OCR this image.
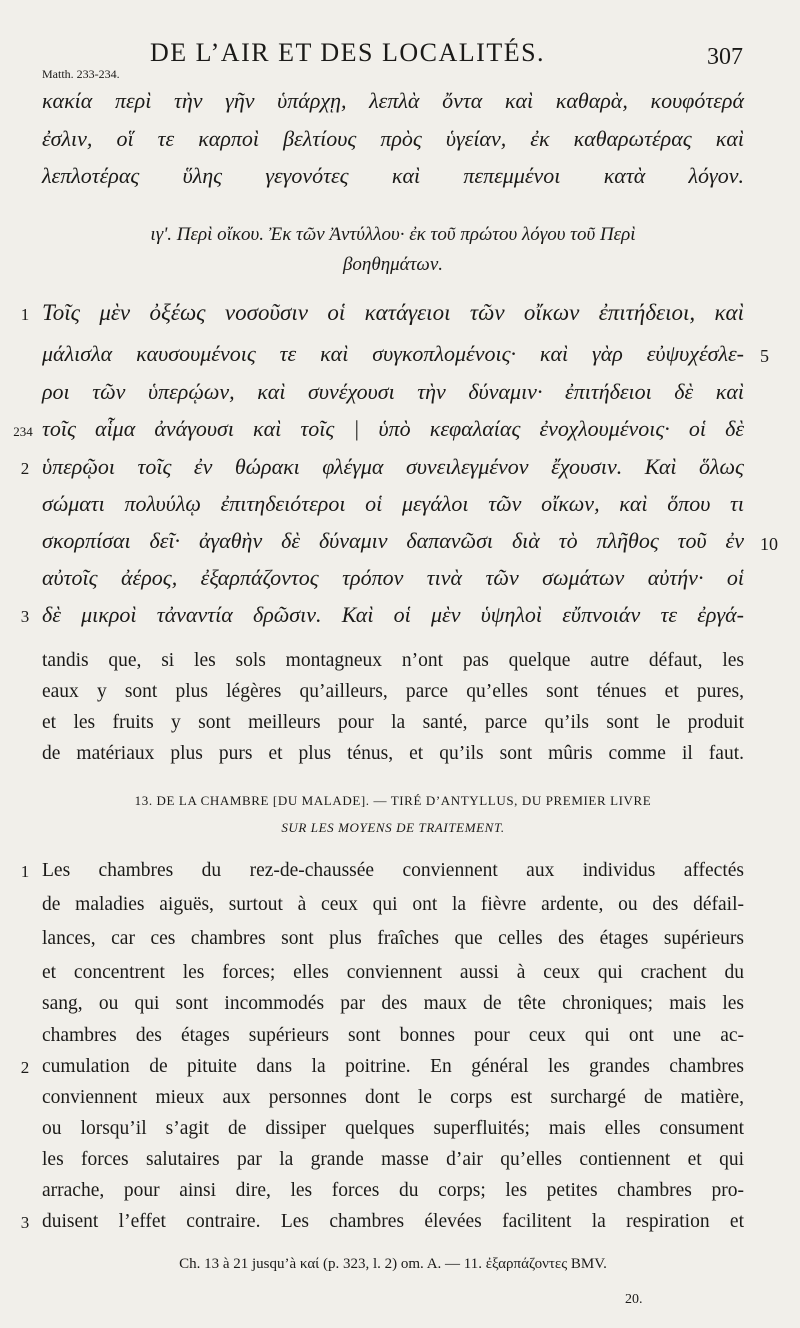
DE L’AIR ET DES LOCALITÉS.	307
Matth. 233-234.
κακία περὶ τὴν γῆν ὑπάρχῃ, λεπλὰ ὄντα καὶ καθαρὰ, κουφότερά
ἐσλιν, οἵ τε καρποὶ βελτίους πρὸς ὑγείαν, ἐκ καθαρωτέρας καὶ
λεπλοτέρας ὕλης γεγονότες καὶ πεπεμμένοι κατὰ λόγον.
ιγʹ. Περὶ οἴκου. Ἐκ τῶν Ἀντύλλου· ἐκ τοῦ πρώτου λόγου τοῦ Περὶ
βοηθημάτων.
Τοῖς μὲν ὀξέως νοσοῦσιν οἱ κατάγειοι τῶν οἴκων ἐπιτήδειοι, καὶ
μάλισλα καυσουμένοις τε καὶ συγκοπλομένοις· καὶ γὰρ εὐψυχέσλε-
ροι τῶν ὑπερῴων, καὶ συνέχουσι τὴν δύναμιν· ἐπιτήδειοι δὲ καὶ
τοῖς αἷμα ἀνάγουσι καὶ τοῖς | ὑπὸ κεφαλαίας ἐνοχλουμένοις· οἱ δὲ
ὑπερῷοι τοῖς ἐν θώρακι φλέγμα συνειλεγμένον ἔχουσιν. Καὶ ὅλως
σώματι πολυύλῳ ἐπιτηδειότεροι οἱ μεγάλοι τῶν οἴκων, καὶ ὅπου τι
σκορπίσαι δεῖ· ἀγαθὴν δὲ δύναμιν δαπανῶσι διὰ τὸ πλῆθος τοῦ ἐν
αὐτοῖς ἀέρος, ἐξαρπάζοντος τρόπον τινὰ τῶν σωμάτων αὐτήν· οἱ
δὲ μικροὶ τἀναντία δρῶσιν. Καὶ οἱ μὲν ὑψηλοὶ εὔπνοιάν τε ἐργά-
1
234
2
3
5
10
tandis que, si les sols montagneux n’ont pas quelque autre défaut, les
eaux y sont plus légères qu’ailleurs, parce qu’elles sont ténues et pures,
et les fruits y sont meilleurs pour la santé, parce qu’ils sont le produit
de matériaux plus purs et plus ténus, et qu’ils sont mûris comme il faut.
13. DE LA CHAMBRE [DU MALADE]. — TIRÉ D’ANTYLLUS, DU PREMIER LIVRE
SUR LES MOYENS DE TRAITEMENT.
Les chambres du rez-de-chaussée conviennent aux individus affectés
de maladies aiguës, surtout à ceux qui ont la fièvre ardente, ou des défail-
lances, car ces chambres sont plus fraîches que celles des étages supérieurs
et concentrent les forces; elles conviennent aussi à ceux qui crachent du
sang, ou qui sont incommodés par des maux de tête chroniques; mais les
chambres des étages supérieurs sont bonnes pour ceux qui ont une ac-
cumulation de pituite dans la poitrine. En général les grandes chambres
conviennent mieux aux personnes dont le corps est surchargé de matière,
ou lorsqu’il s’agit de dissiper quelques superfluités; mais elles consument
les forces salutaires par la grande masse d’air qu’elles contiennent et qui
arrache, pour ainsi dire, les forces du corps; les petites chambres pro-
duisent l’effet contraire. Les chambres élevées facilitent la respiration et
1
2
3
Ch. 13 à 21 jusqu’à καί (p. 323, l. 2) om. A. — 11. ἐξαρπάζοντες BMV.
20.
